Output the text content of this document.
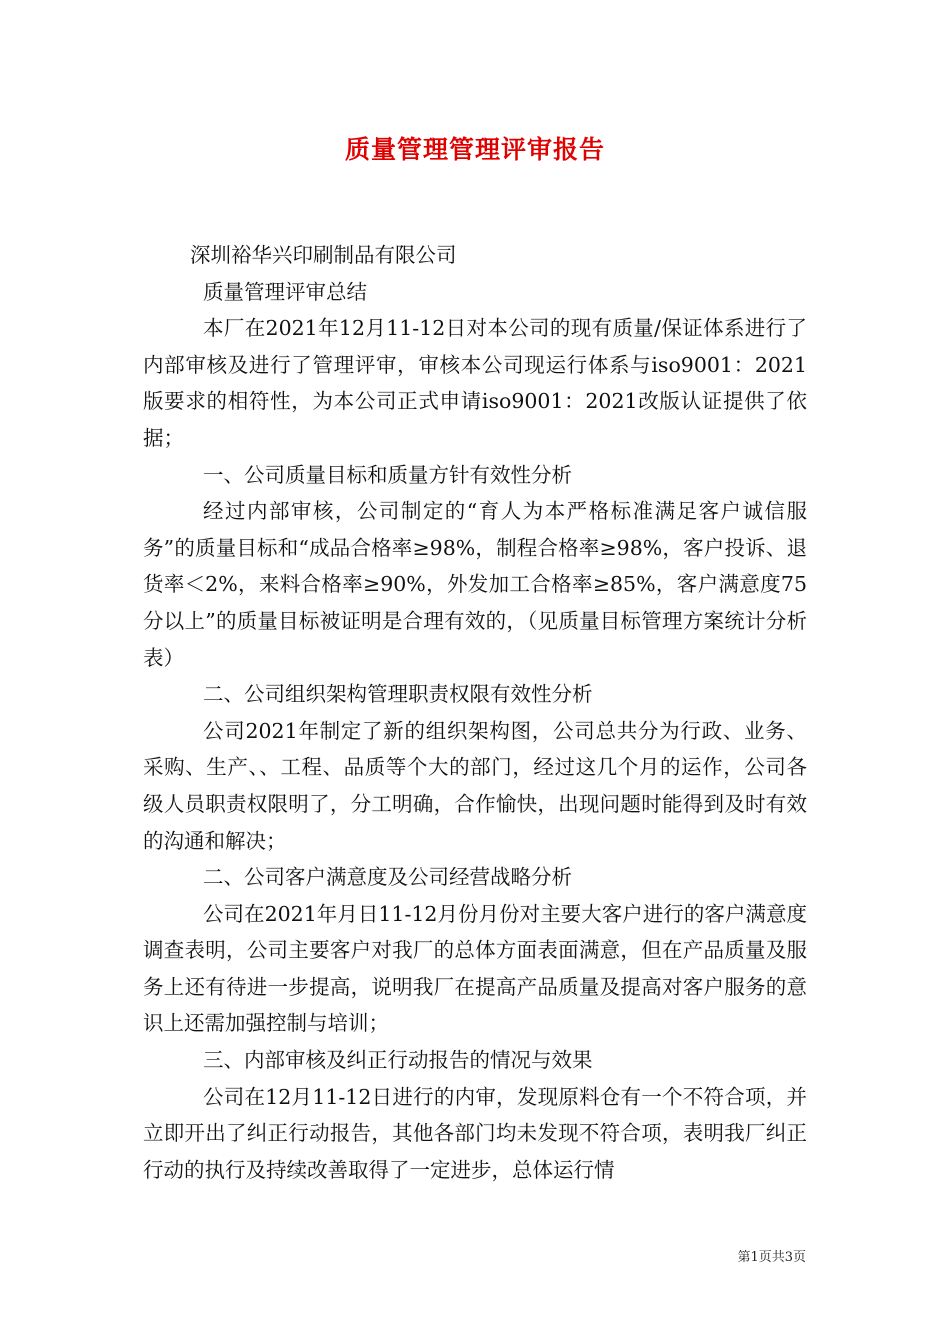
质量管理管理评审报告

深圳裕华兴印刷制品有限公司

质量管理评审总结

本厂在2021年12月11-12日对本公司的现有质量/保证体系进行了内部审核及进行了管理评审，审核本公司现运行体系与iso9001：2021版要求的相符性，为本公司正式申请iso9001：2021改版认证提供了依据；

一、公司质量目标和质量方针有效性分析

经过内部审核，公司制定的“育人为本严格标准满足客户诚信服务”的质量目标和“成品合格率≥98%，制程合格率≥98%，客户投诉、退货率＜2%，来料合格率≥90%，外发加工合格率≥85%，客户满意度75分以上”的质量目标被证明是合理有效的，（见质量目标管理方案统计分析表）

二、公司组织架构管理职责权限有效性分析

公司2021年制定了新的组织架构图，公司总共分为行政、业务、采购、生产、、工程、品质等个大的部门，经过这几个月的运作，公司各级人员职责权限明了，分工明确，合作愉快，出现问题时能得到及时有效的沟通和解决；

二、公司客户满意度及公司经营战略分析

公司在2021年月日11-12月份月份对主要大客户进行的客户满意度调查表明，公司主要客户对我厂的总体方面表面满意，但在产品质量及服务上还有待进一步提高，说明我厂在提高产品质量及提高对客户服务的意识上还需加强控制与培训；

三、内部审核及纠正行动报告的情况与效果

公司在12月11-12日进行的内审，发现原料仓有一个不符合项，并立即开出了纠正行动报告，其他各部门均未发现不符合项，表明我厂纠正行动的执行及持续改善取得了一定进步，总体运行情

第1页共3页
